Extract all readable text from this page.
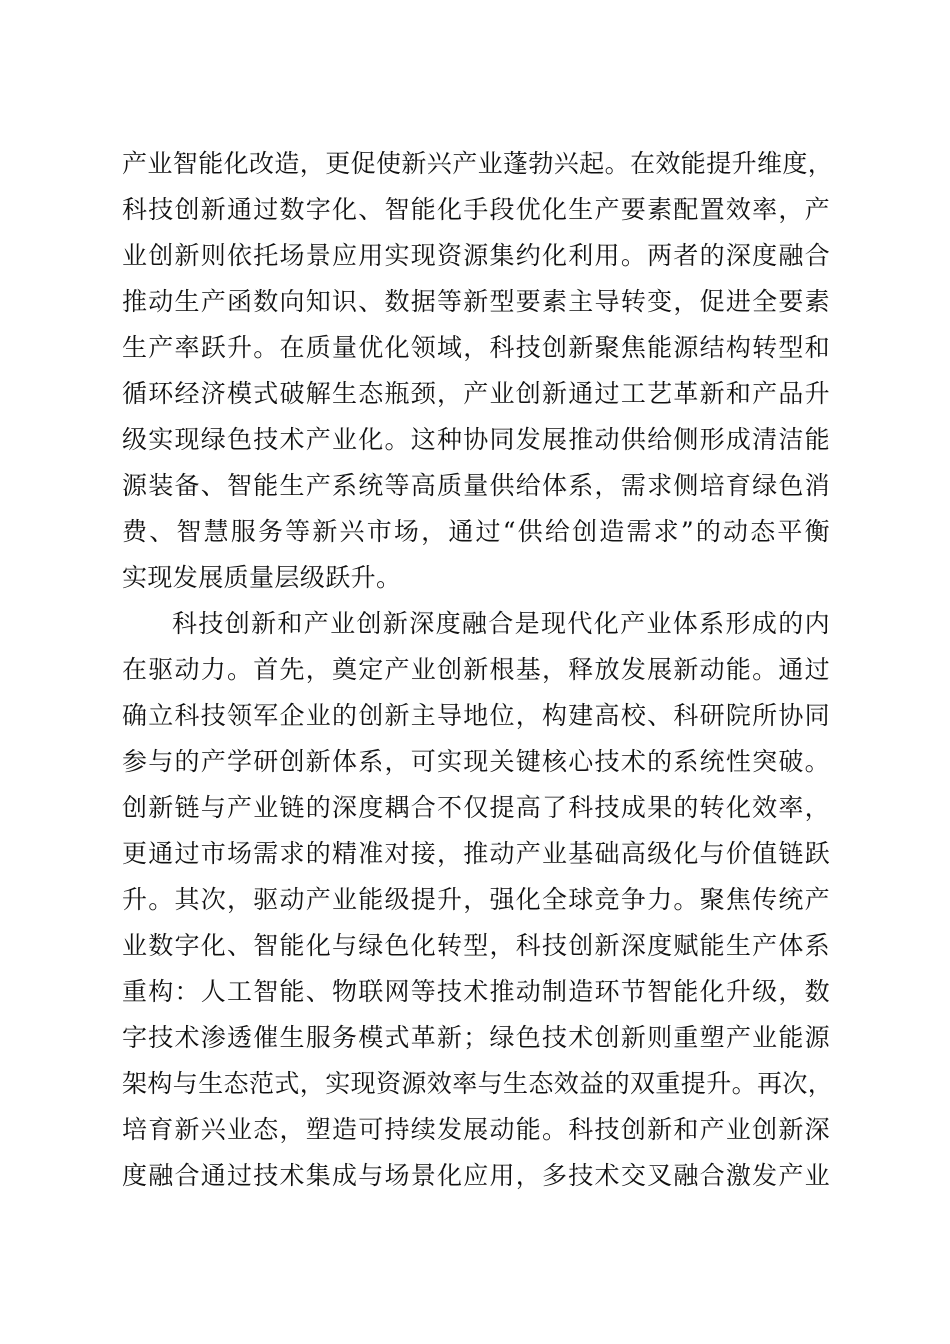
产业智能化改造，更促使新兴产业蓬勃兴起。在效能提升维度，
科技创新通过数字化、智能化手段优化生产要素配置效率，产
业创新则依托场景应用实现资源集约化利用。两者的深度融合
推动生产函数向知识、数据等新型要素主导转变，促进全要素
生产率跃升。在质量优化领域，科技创新聚焦能源结构转型和
循环经济模式破解生态瓶颈，产业创新通过工艺革新和产品升
级实现绿色技术产业化。这种协同发展推动供给侧形成清洁能
源装备、智能生产系统等高质量供给体系，需求侧培育绿色消
费、智慧服务等新兴市场，通过“供给创造需求”的动态平衡
实现发展质量层级跃升。
科技创新和产业创新深度融合是现代化产业体系形成的内
在驱动力。首先，奠定产业创新根基，释放发展新动能。通过
确立科技领军企业的创新主导地位，构建高校、科研院所协同
参与的产学研创新体系，可实现关键核心技术的系统性突破。
创新链与产业链的深度耦合不仅提高了科技成果的转化效率，
更通过市场需求的精准对接，推动产业基础高级化与价值链跃
升。其次，驱动产业能级提升，强化全球竞争力。聚焦传统产
业数字化、智能化与绿色化转型，科技创新深度赋能生产体系
重构：人工智能、物联网等技术推动制造环节智能化升级，数
字技术渗透催生服务模式革新；绿色技术创新则重塑产业能源
架构与生态范式，实现资源效率与生态效益的双重提升。再次，
培育新兴业态，塑造可持续发展动能。科技创新和产业创新深
度融合通过技术集成与场景化应用，多技术交叉融合激发产业
